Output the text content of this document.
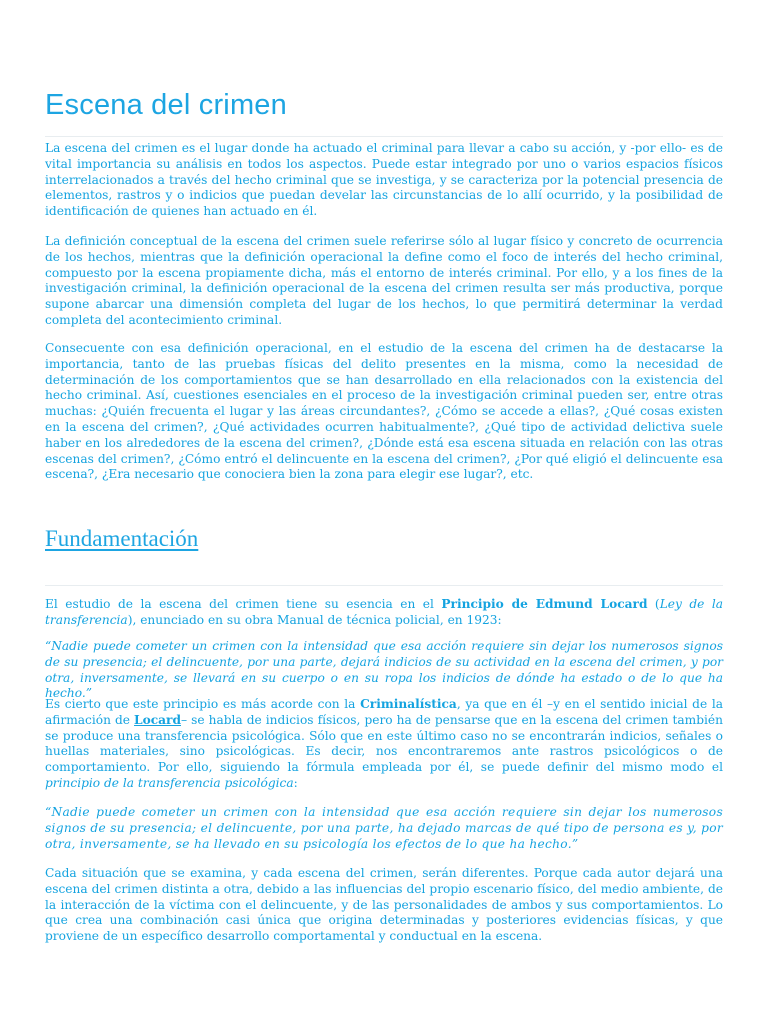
Escena del crimen

La escena del crimen es el lugar donde ha actuado el criminal para llevar a cabo su acción, y -por ello- es de vital importancia su análisis en todos los aspectos. Puede estar integrado por uno o varios espacios físicos interrelacionados a través del hecho criminal que se investiga, y se caracteriza por la potencial presencia de elementos, rastros y o indicios que puedan develar las circunstancias de lo allí ocurrido, y la posibilidad de identificación de quienes han actuado en él.

La definición conceptual de la escena del crimen suele referirse sólo al lugar físico y concreto de ocurrencia de los hechos, mientras que la definición operacional la define como el foco de interés del hecho criminal, compuesto por la escena propiamente dicha, más el entorno de interés criminal. Por ello, y a los fines de la investigación criminal, la definición operacional de la escena del crimen resulta ser más productiva, porque supone abarcar una dimensión completa del lugar de los hechos, lo que permitirá determinar la verdad completa del acontecimiento criminal.

Consecuente con esa definición operacional, en el estudio de la escena del crimen ha de destacarse la importancia, tanto de las pruebas físicas del delito presentes en la misma, como la necesidad de determinación de los comportamientos que se han desarrollado en ella relacionados con la existencia del hecho criminal. Así, cuestiones esenciales en el proceso de la investigación criminal pueden ser, entre otras muchas: ¿Quién frecuenta el lugar y las áreas circundantes?, ¿Cómo se accede a ellas?, ¿Qué cosas existen en la escena del crimen?, ¿Qué actividades ocurren habitualmente?, ¿Qué tipo de actividad delictiva suele haber en los alrededores de la escena del crimen?, ¿Dónde está esa escena situada en relación con las otras escenas del crimen?, ¿Cómo entró el delincuente en la escena del crimen?, ¿Por qué eligió el delincuente esa escena?, ¿Era necesario que conociera bien la zona para elegir ese lugar?, etc.

Fundamentación

El estudio de la escena del crimen tiene su esencia en el Principio de Edmund Locard (Ley de la transferencia), enunciado en su obra Manual de técnica policial, en 1923:

“Nadie puede cometer un crimen con la intensidad que esa acción requiere sin dejar los numerosos signos de su presencia; el delincuente, por una parte, dejará indicios de su actividad en la escena del crimen, y por otra, inversamente, se llevará en su cuerpo o en su ropa los indicios de dónde ha estado o de lo que ha hecho.”

Es cierto que este principio es más acorde con la Criminalística, ya que en él –y en el sentido inicial de la afirmación de Locard– se habla de indicios físicos, pero ha de pensarse que en la escena del crimen también se produce una transferencia psicológica. Sólo que en este último caso no se encontrarán indicios, señales o huellas materiales, sino psicológicas. Es decir, nos encontraremos ante rastros psicológicos o de comportamiento. Por ello, siguiendo la fórmula empleada por él, se puede definir del mismo modo el principio de la transferencia psicológica:

“Nadie puede cometer un crimen con la intensidad que esa acción requiere sin dejar los numerosos signos de su presencia; el delincuente, por una parte, ha dejado marcas de qué tipo de persona es y, por otra, inversamente, se ha llevado en su psicología los efectos de lo que ha hecho.”

Cada situación que se examina, y cada escena del crimen, serán diferentes. Porque cada autor dejará una escena del crimen distinta a otra, debido a las influencias del propio escenario físico, del medio ambiente, de la interacción de la víctima con el delincuente, y de las personalidades de ambos y sus comportamientos. Lo que crea una combinación casi única que origina determinadas y posteriores evidencias físicas, y que proviene de un específico desarrollo comportamental y conductual en la escena.
